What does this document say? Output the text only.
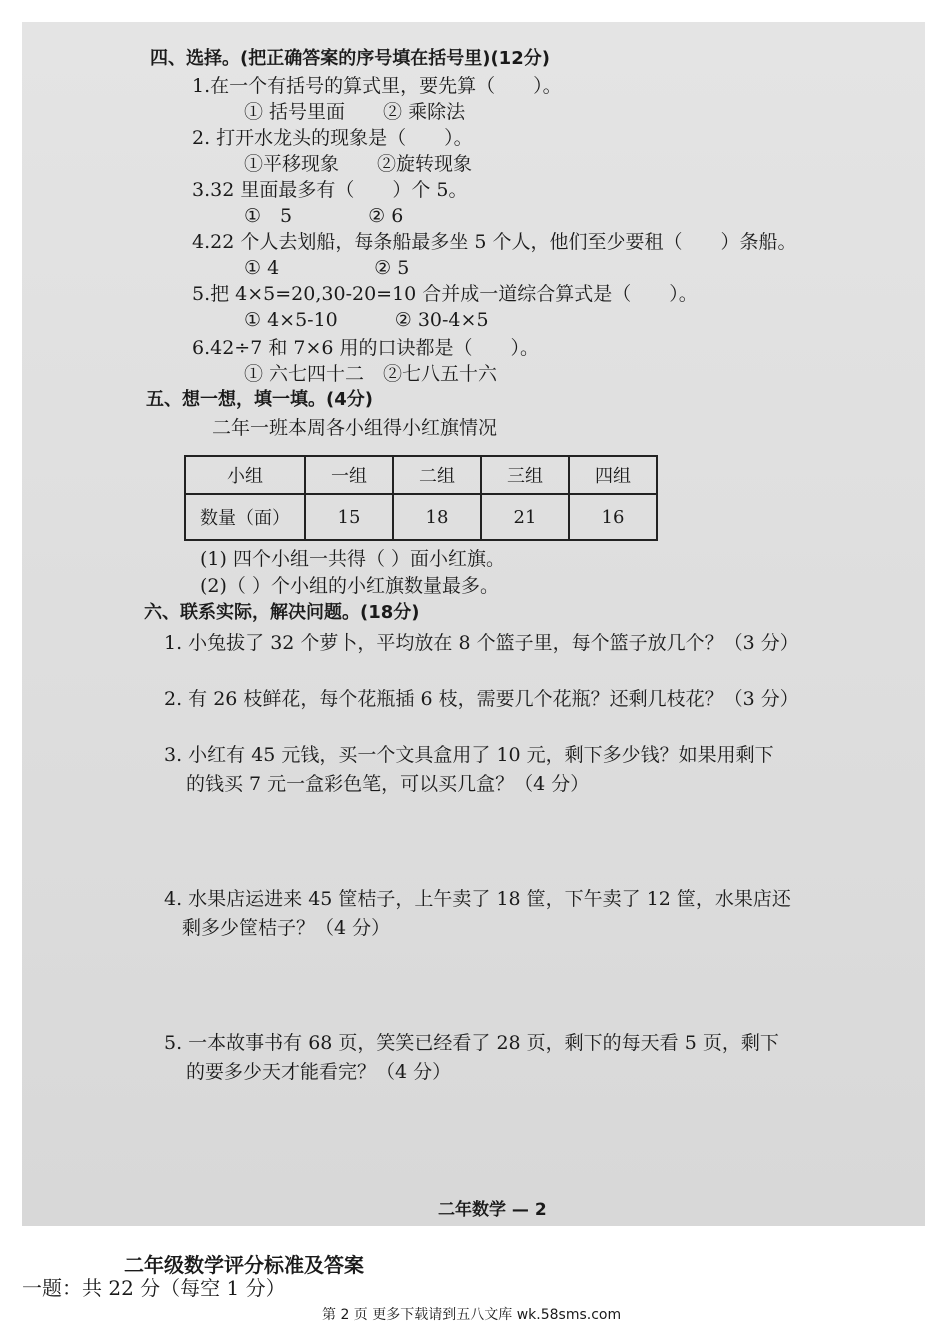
四、选择。(把正确答案的序号填在括号里)(12分)
1.在一个有括号的算式里，要先算（　　）。
① 括号里面　　② 乘除法
2. 打开水龙头的现象是（　　）。
①平移现象　　②旋转现象
3.32 里面最多有（　　）个 5。
①　5　　　　② 6
4.22 个人去划船，每条船最多坐 5 个人，他们至少要租（　　）条船。
① 4　　　　　② 5
5.把 4×5=20,30-20=10 合并成一道综合算式是（　　）。
① 4×5-10　　　② 30-4×5
6.42÷7 和 7×6 用的口诀都是（　　）。
① 六七四十二　②七八五十六
五、想一想，填一填。(4分)
二年一班本周各小组得小红旗情况
小组	一组	二组	三组	四组
数量（面）	15	18	21	16
(1) 四个小组一共得（ ）面小红旗。
(2)（ ）个小组的小红旗数量最多。
六、联系实际，解决问题。(18分)
1. 小兔拔了 32 个萝卜，平均放在 8 个篮子里，每个篮子放几个？（3 分）
2. 有 26 枝鲜花，每个花瓶插 6 枝，需要几个花瓶？还剩几枝花？（3 分）
3. 小红有 45 元钱，买一个文具盒用了 10 元，剩下多少钱？如果用剩下
的钱买 7 元一盒彩色笔，可以买几盒？（4 分）
4. 水果店运进来 45 筐桔子，上午卖了 18 筐，下午卖了 12 筐，水果店还
剩多少筐桔子？（4 分）
5. 一本故事书有 68 页，笑笑已经看了 28 页，剩下的每天看 5 页，剩下
的要多少天才能看完？（4 分）
二年数学 — 2
二年级数学评分标准及答案
一题：共 22 分（每空 1 分）
第 2 页 更多下载请到五八文库 wk.58sms.com
